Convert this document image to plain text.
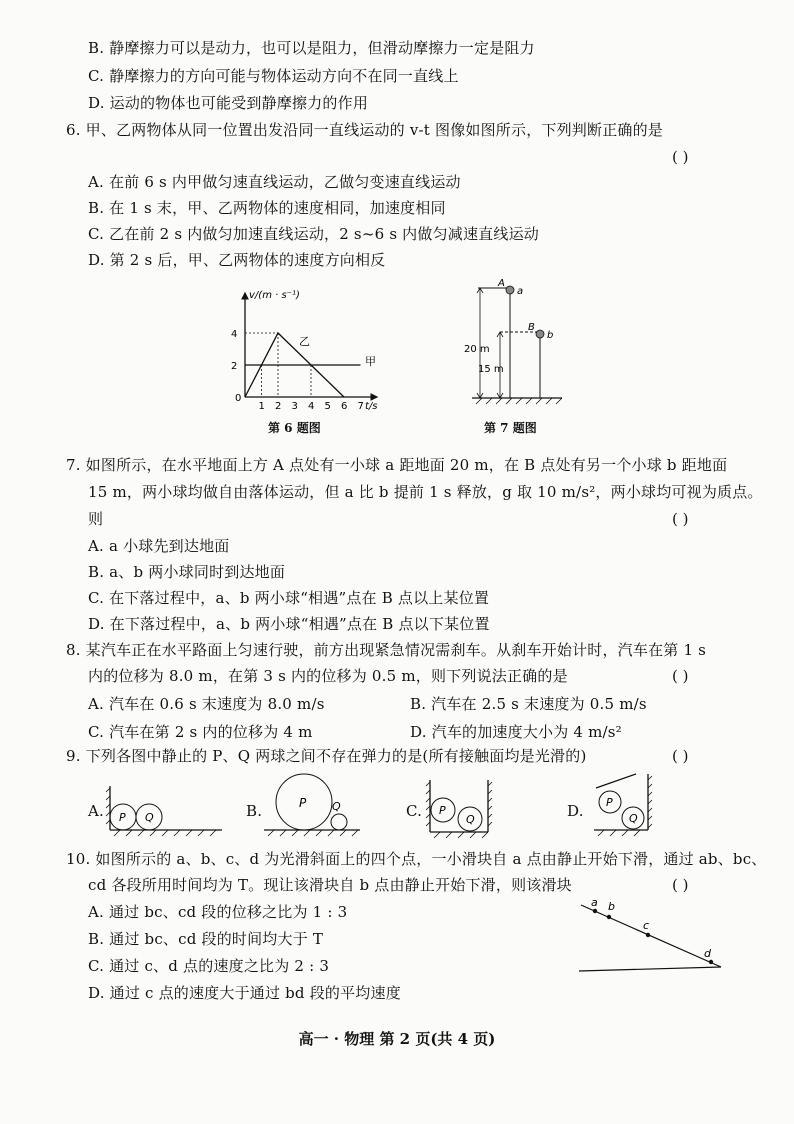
B. 静摩擦力可以是动力，也可以是阻力，但滑动摩擦力一定是阻力
C. 静摩擦力的方向可能与物体运动方向不在同一直线上
D. 运动的物体也可能受到静摩擦力的作用
6. 甲、乙两物体从同一位置出发沿同一直线运动的 v-t 图像如图所示，下列判断正确的是
( )
A. 在前 6 s 内甲做匀速直线运动，乙做匀变速直线运动
B. 在 1 s 末，甲、乙两物体的速度相同，加速度相同
C. 乙在前 2 s 内做匀加速直线运动，2 s~6 s 内做匀减速直线运动
D. 第 2 s 后，甲、乙两物体的速度方向相反
v/(m · s⁻¹)
t/s
0
2
4
1 2 3 4 5 6 7
乙
甲
第 6 题图
A
a
B
b
20 m
15 m
第 7 题图
7. 如图所示，在水平地面上方 A 点处有一小球 a 距地面 20 m，在 B 点处有另一个小球 b 距地面
15 m，两小球均做自由落体运动，但 a 比 b 提前 1 s 释放，g 取 10 m/s²，两小球均可视为质点。
则	( )
A. a 小球先到达地面
B. a、b 两小球同时到达地面
C. 在下落过程中，a、b 两小球“相遇”点在 B 点以上某位置
D. 在下落过程中，a、b 两小球“相遇”点在 B 点以下某位置
8. 某汽车正在水平路面上匀速行驶，前方出现紧急情况需刹车。从刹车开始计时，汽车在第 1 s
内的位移为 8.0 m，在第 3 s 内的位移为 0.5 m，则下列说法正确的是	( )
A. 汽车在 0.6 s 末速度为 8.0 m/s	B. 汽车在 2.5 s 末速度为 0.5 m/s
C. 汽车在第 2 s 内的位移为 4 m	D. 汽车的加速度大小为 4 m/s²
9. 下列各图中静止的 P、Q 两球之间不存在弹力的是(所有接触面均是光滑的)	( )
A. P Q	B.	P Q	C. P
Q	D. P
Q
10. 如图所示的 a、b、c、d 为光滑斜面上的四个点，一小滑块自 a 点由静止开始下滑，通过 ab、bc、
cd 各段所用时间均为 T。现让该滑块自 b 点由静止开始下滑，则该滑块	( )
A. 通过 bc、cd 段的位移之比为 1 : 3
B. 通过 bc、cd 段的时间均大于 T
C. 通过 c、d 点的速度之比为 2 : 3
D. 通过 c 点的速度大于通过 bd 段的平均速度
a b
c
d
高一 · 物理 第 2 页(共 4 页)
